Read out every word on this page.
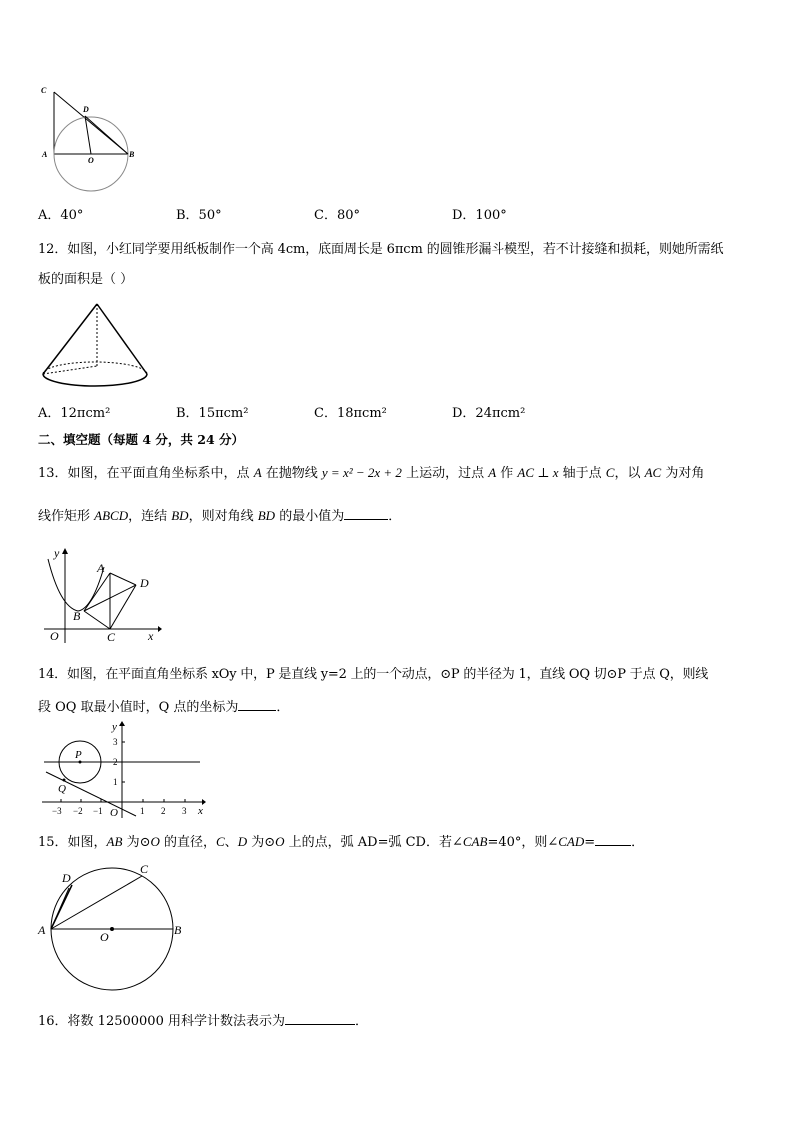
C
D
A
O
B
A．40°	B．50°	C．80°	D．100°
12．如图，小红同学要用纸板制作一个高 4cm，底面周长是 6πcm 的圆锥形漏斗模型，若不计接缝和损耗，则她所需纸
板的面积是（ ）
A．12πcm²	B．15πcm²	C．18πcm²	D．24πcm²
二、填空题（每题 4 分，共 24 分）
13．如图，在平面直角坐标系中，点 A 在抛物线 y = x² − 2x + 2 上运动，过点 A 作 AC ⊥ x 轴于点 C，以 AC 为对角
线作矩形 ABCD，连结 BD，则对角线 BD 的最小值为	．
y
A
D
B
O	C	x
14．如图，在平面直角坐标系 xOy 中，P 是直线 y=2 上的一个动点，⊙P 的半径为 1，直线 OQ 切⊙P 于点 Q，则线
段 OQ 取最小值时，Q 点的坐标为	．
y
3
2
1
P
Q
−3 −2 −1 O 1 2 3 x
15．如图，AB 为⊙O 的直径，C、D 为⊙O 上的点，弧 AD=弧 CD．若∠CAB=40°，则∠CAD=	．
D
C
A	O	B
16．将数 12500000 用科学计数法表示为	．
